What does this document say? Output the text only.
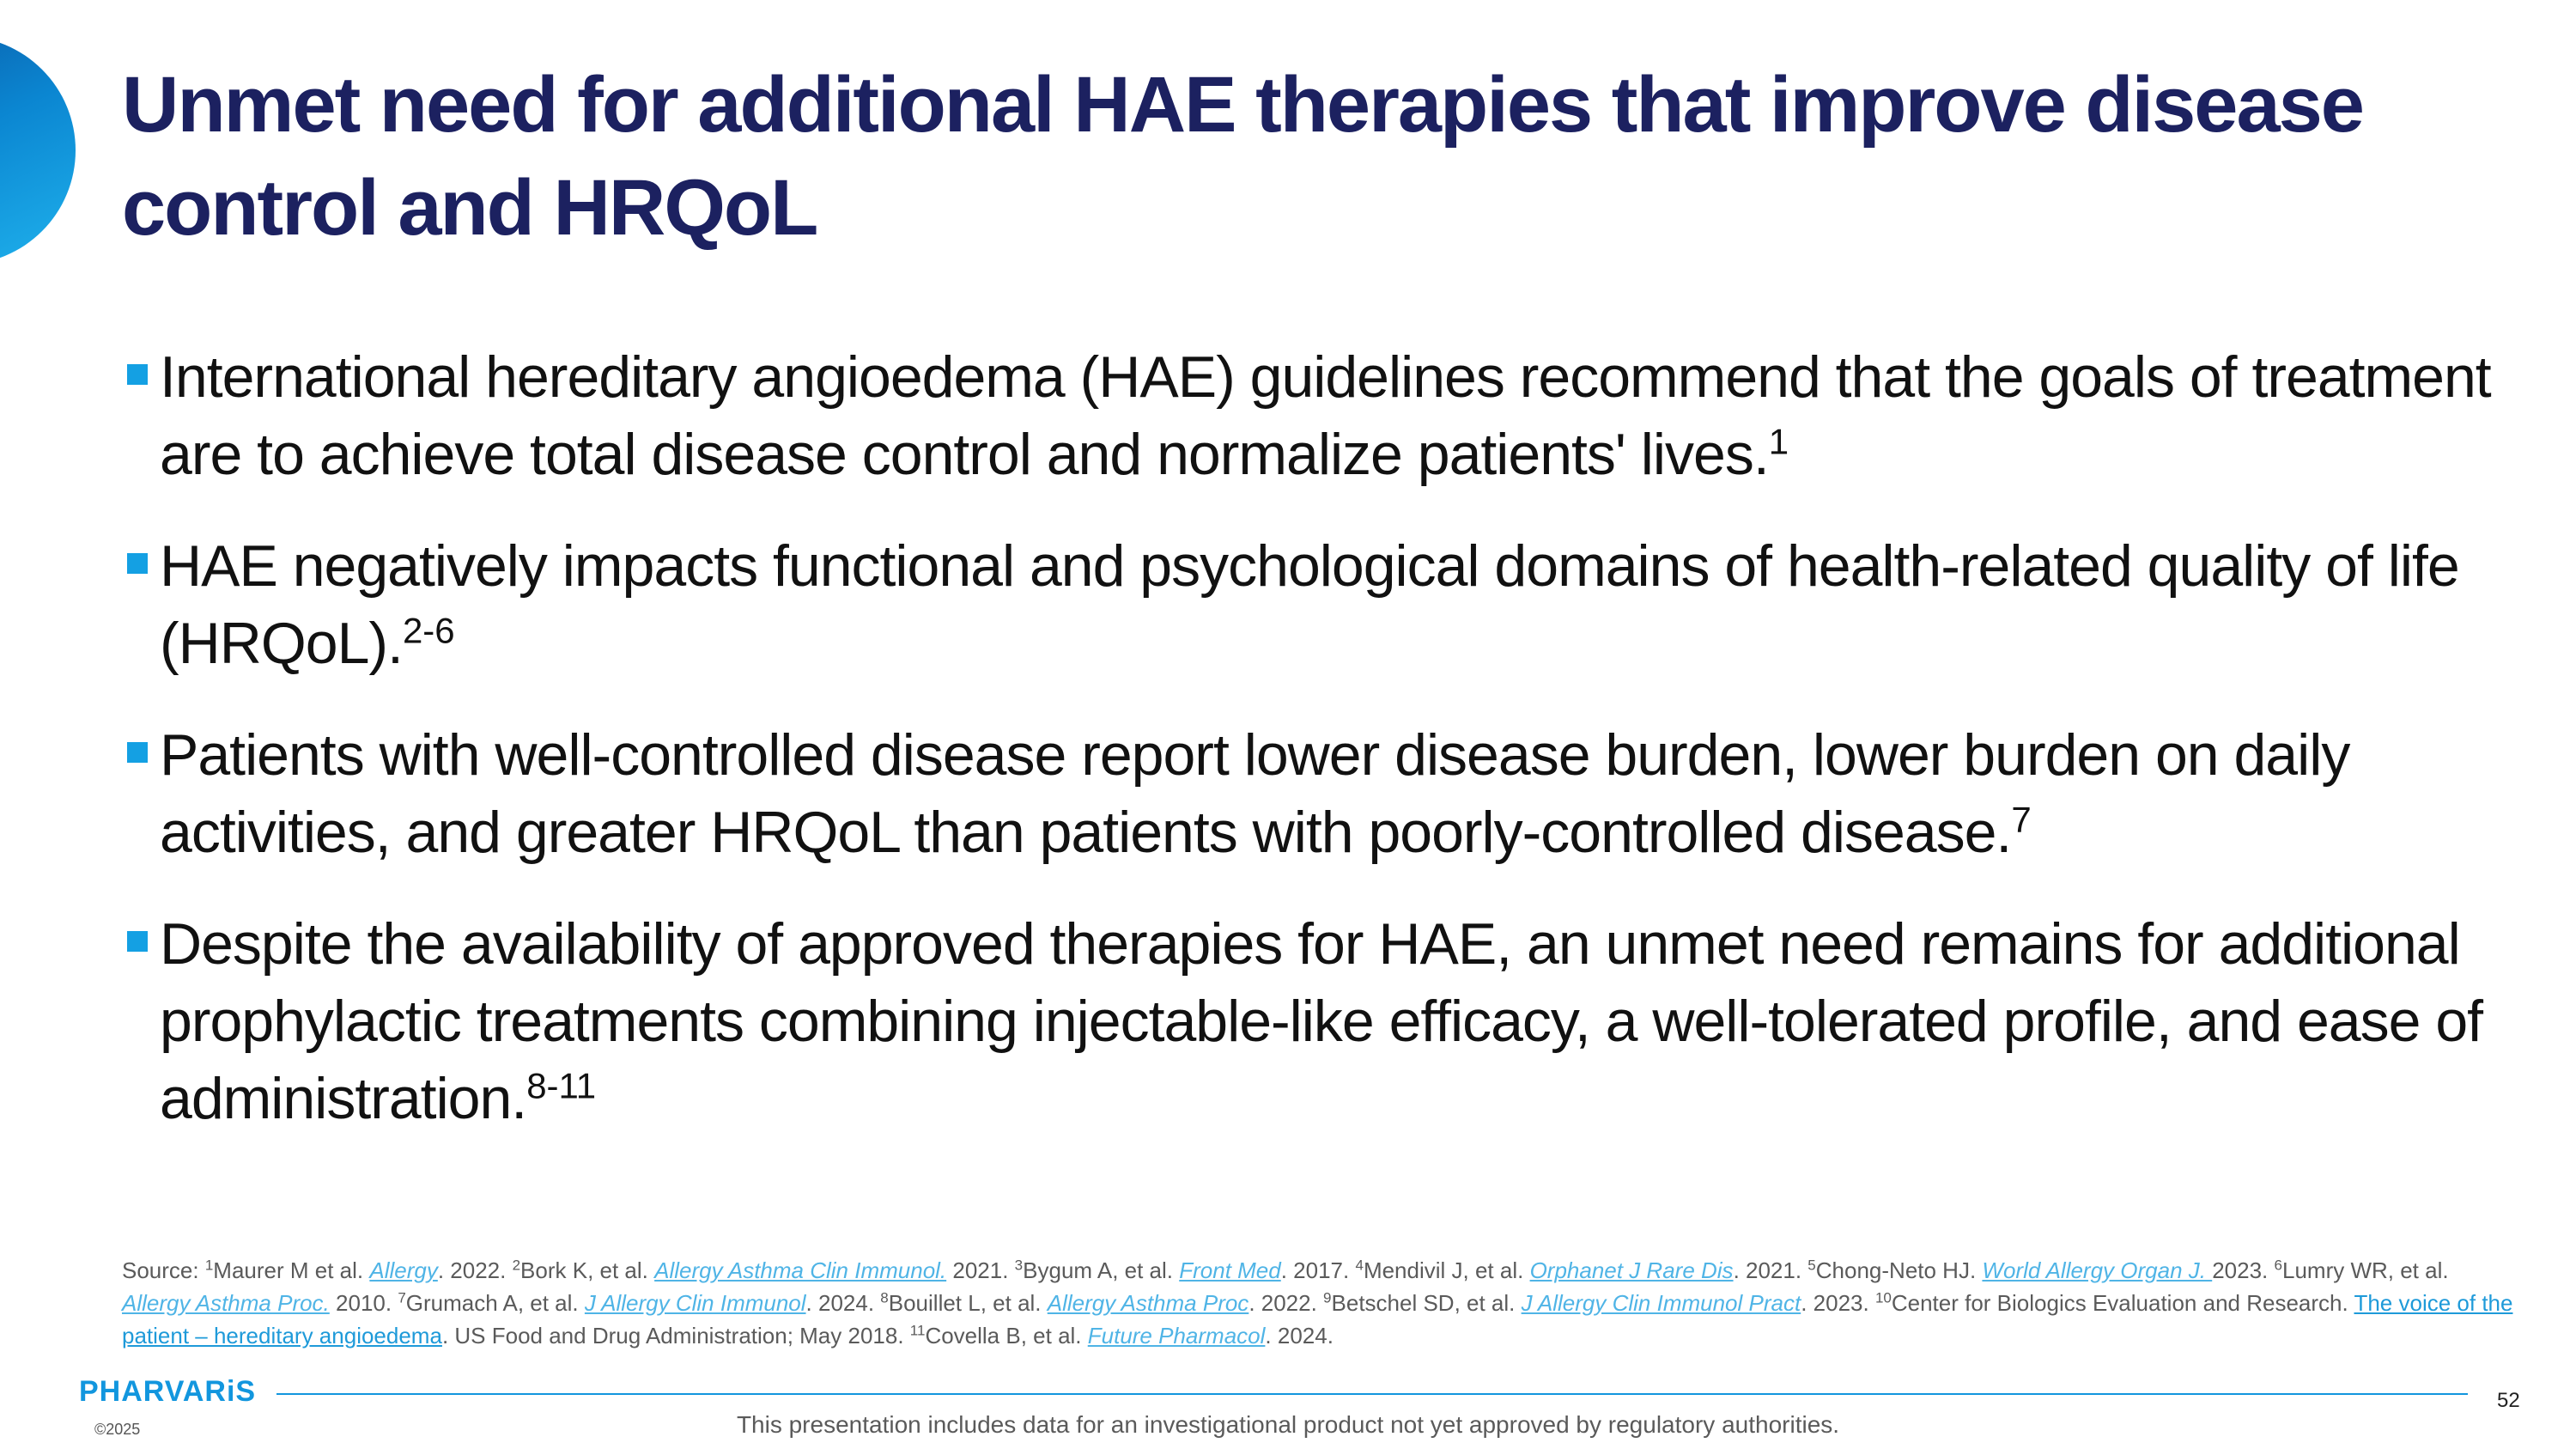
Unmet need for additional HAE therapies that improve disease control and HRQoL
International hereditary angioedema (HAE) guidelines recommend that the goals of treatment are to achieve total disease control and normalize patients' lives.$^1$
HAE negatively impacts functional and psychological domains of health-related quality of life (HRQoL).$^{2-6}$
Patients with well-controlled disease report lower disease burden, lower burden on daily activities, and greater HRQoL than patients with poorly-controlled disease.$^7$
Despite the availability of approved therapies for HAE, an unmet need remains for additional prophylactic treatments combining injectable-like efficacy, a well-tolerated profile, and ease of administration.$^{8-11}$
Source: $^1$Maurer M et al. Allergy. 2022. $^2$Bork K, et al. Allergy Asthma Clin Immunol. 2021. $^3$Bygum A, et al. Front Med. 2017. $^4$Mendivil J, et al. Orphanet J Rare Dis. 2021. $^5$Chong-Neto HJ. World Allergy Organ J. 2023. $^6$Lumry WR, et al. Allergy Asthma Proc. 2010. $^7$Grumach A, et al. J Allergy Clin Immunol. 2024. $^8$Bouillet L, et al. Allergy Asthma Proc. 2022. $^9$Betschel SD, et al. J Allergy Clin Immunol Pract. 2023. $^{10}$Center for Biologics Evaluation and Research. The voice of the patient – hereditary angioedema. US Food and Drug Administration; May 2018. $^{11}$Covella B, et al. Future Pharmacol. 2024.
PHARVARiS
©2025
52
This presentation includes data for an investigational product not yet approved by regulatory authorities.
